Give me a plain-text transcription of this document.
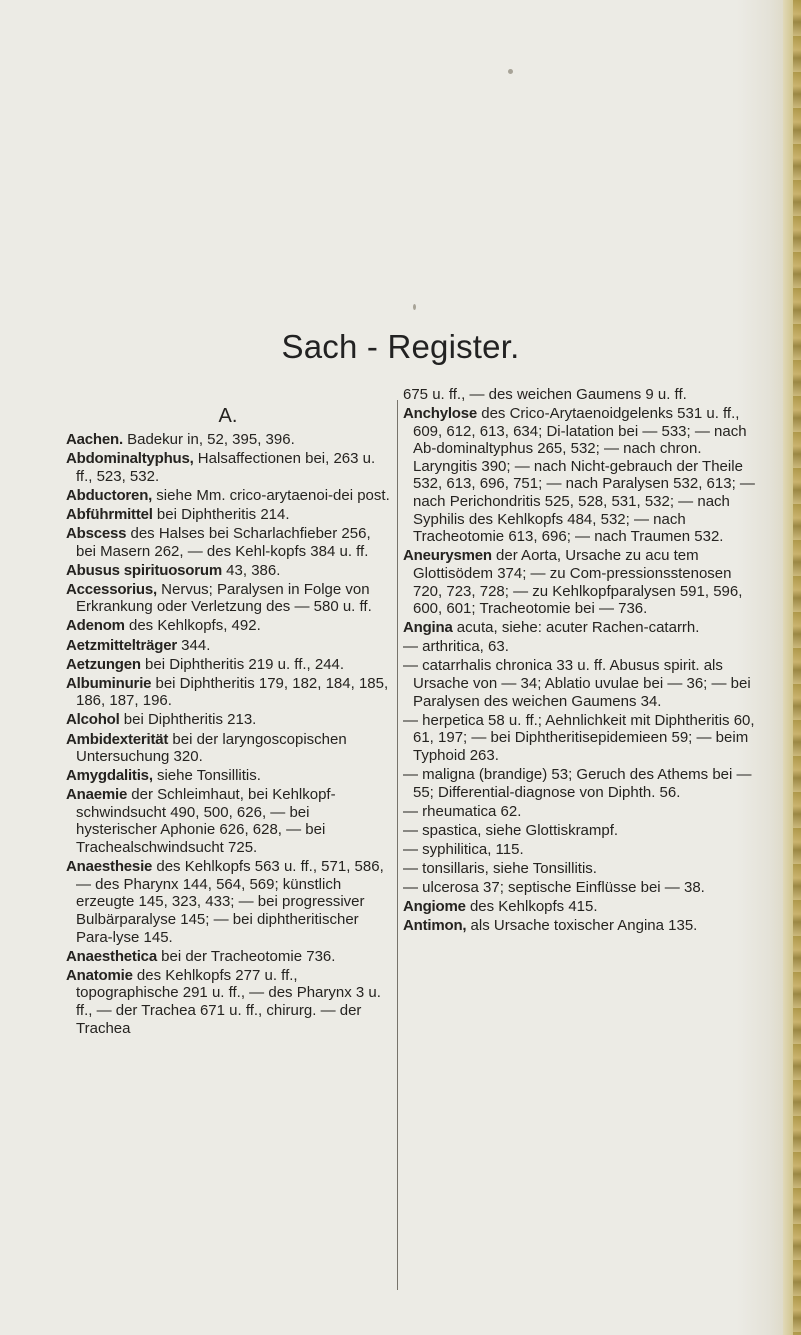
Sach - Register.
A.
Aachen. Badekur in, 52, 395, 396.
Abdominaltyphus, Halsaffectionen bei, 263 u. ff., 523, 532.
Abductoren, siehe Mm. crico-arytaenoi-dei post.
Abführmittel bei Diphtheritis 214.
Abscess des Halses bei Scharlachfieber 256, bei Masern 262, — des Kehl-kopfs 384 u. ff.
Abusus spirituosorum 43, 386.
Accessorius, Nervus; Paralysen in Folge von Erkrankung oder Verletzung des — 580 u. ff.
Adenom des Kehlkopfs, 492.
Aetzmittelträger 344.
Aetzungen bei Diphtheritis 219 u. ff., 244.
Albuminurie bei Diphtheritis 179, 182, 184, 185, 186, 187, 196.
Alcohol bei Diphtheritis 213.
Ambidexterität bei der laryngoscopischen Untersuchung 320.
Amygdalitis, siehe Tonsillitis.
Anaemie der Schleimhaut, bei Kehlkopf-schwindsucht 490, 500, 626, — bei hysterischer Aphonie 626, 628, — bei Trachealschwindsucht 725.
Anaesthesie des Kehlkopfs 563 u. ff., 571, 586, — des Pharynx 144, 564, 569; künstlich erzeugte 145, 323, 433; — bei progressiver Bulbärparalyse 145; — bei diphtheritischer Para-lyse 145.
Anaesthetica bei der Tracheotomie 736.
Anatomie des Kehlkopfs 277 u. ff., topographische 291 u. ff., — des Pharynx 3 u. ff., — der Trachea 671 u. ff., chirurg. — der Trachea
675 u. ff., — des weichen Gaumens 9 u. ff.
Anchylose des Crico-Arytaenoidgelenks 531 u. ff., 609, 612, 613, 634; Di-latation bei — 533; — nach Ab-dominaltyphus 265, 532; — nach chron. Laryngitis 390; — nach Nicht-gebrauch der Theile 532, 613, 696, 751; — nach Paralysen 532, 613; — nach Perichondritis 525, 528, 531, 532; — nach Syphilis des Kehlkopfs 484, 532; — nach Tracheotomie 613, 696; — nach Traumen 532.
Aneurysmen der Aorta, Ursache zu acu tem Glottisödem 374; — zu Com-pressionsstenosen 720, 723, 728; — zu Kehlkopfparalysen 591, 596, 600, 601; Tracheotomie bei — 736.
Angina acuta, siehe: acuter Rachen-catarrh.
— arthritica, 63.
— catarrhalis chronica 33 u. ff. Abusus spirit. als Ursache von — 34; Ablatio uvulae bei — 36; — bei Paralysen des weichen Gaumens 34.
— herpetica 58 u. ff.; Aehnlichkeit mit Diphtheritis 60, 61, 197; — bei Diphtheritisepidemieen 59; — beim Typhoid 263.
— maligna (brandige) 53; Geruch des Athems bei — 55; Differential-diagnose von Diphth. 56.
— rheumatica 62.
— spastica, siehe Glottiskrampf.
— syphilitica, 115.
— tonsillaris, siehe Tonsillitis.
— ulcerosa 37; septische Einflüsse bei — 38.
Angiome des Kehlkopfs 415.
Antimon, als Ursache toxischer Angina 135.
